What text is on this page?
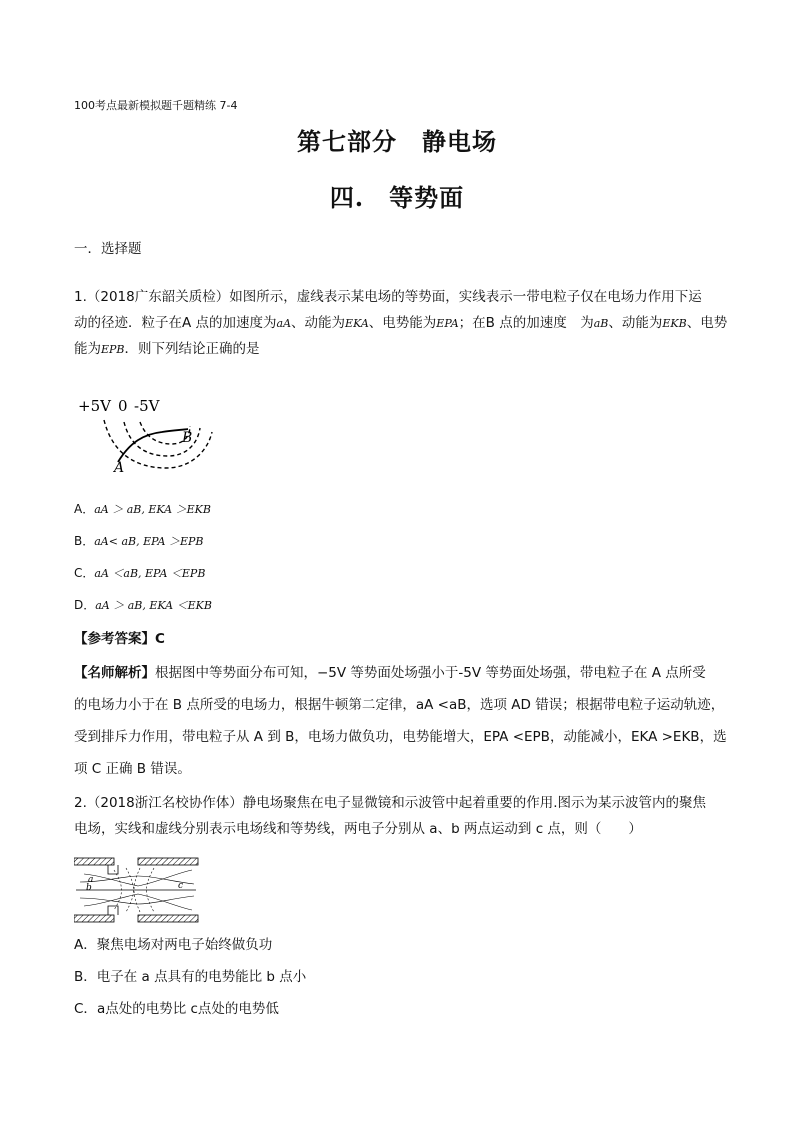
100考点最新模拟题千题精练 7-4
第七部分　静电场
四.　等势面
一．选择题
1.（2018广东韶关质检）如图所示，虚线表示某电场的等势面，实线表示一带电粒子仅在电场力作用下运
动的径迹．粒子在A 点的加速度为aA、动能为EKA、电势能为EPA；在B 点的加速度　为aB、动能为EKB、电势
能为EPB．则下列结论正确的是
+5V 0 -5V
B
A
A．aA ＞ aB, EKA ＞EKB
B．aA< aB, EPA ＞EPB
C．aA ＜aB, EPA ＜EPB
D．aA ＞ aB, EKA ＜EKB
【参考答案】C
【名师解析】根据图中等势面分布可知，−5V 等势面处场强小于-5V 等势面处场强，带电粒子在 A 点所受
的电场力小于在 B 点所受的电场力，根据牛顿第二定律，aA <aB，选项 AD 错误；根据带电粒子运动轨迹，
受到排斥力作用，带电粒子从 A 到 B，电场力做负功，电势能增大，EPA <EPB，动能减小，EKA >EKB，选
项 C 正确 B 错误。
2.（2018浙江名校协作体）静电场聚焦在电子显微镜和示波管中起着重要的作用.图示为某示波管内的聚焦
电场，实线和虚线分别表示电场线和等势线，两电子分别从 a、b 两点运动到 c 点，则（　　）
a
b	c
A．聚焦电场对两电子始终做负功
B．电子在 a 点具有的电势能比 b 点小
C．a点处的电势比 c点处的电势低
